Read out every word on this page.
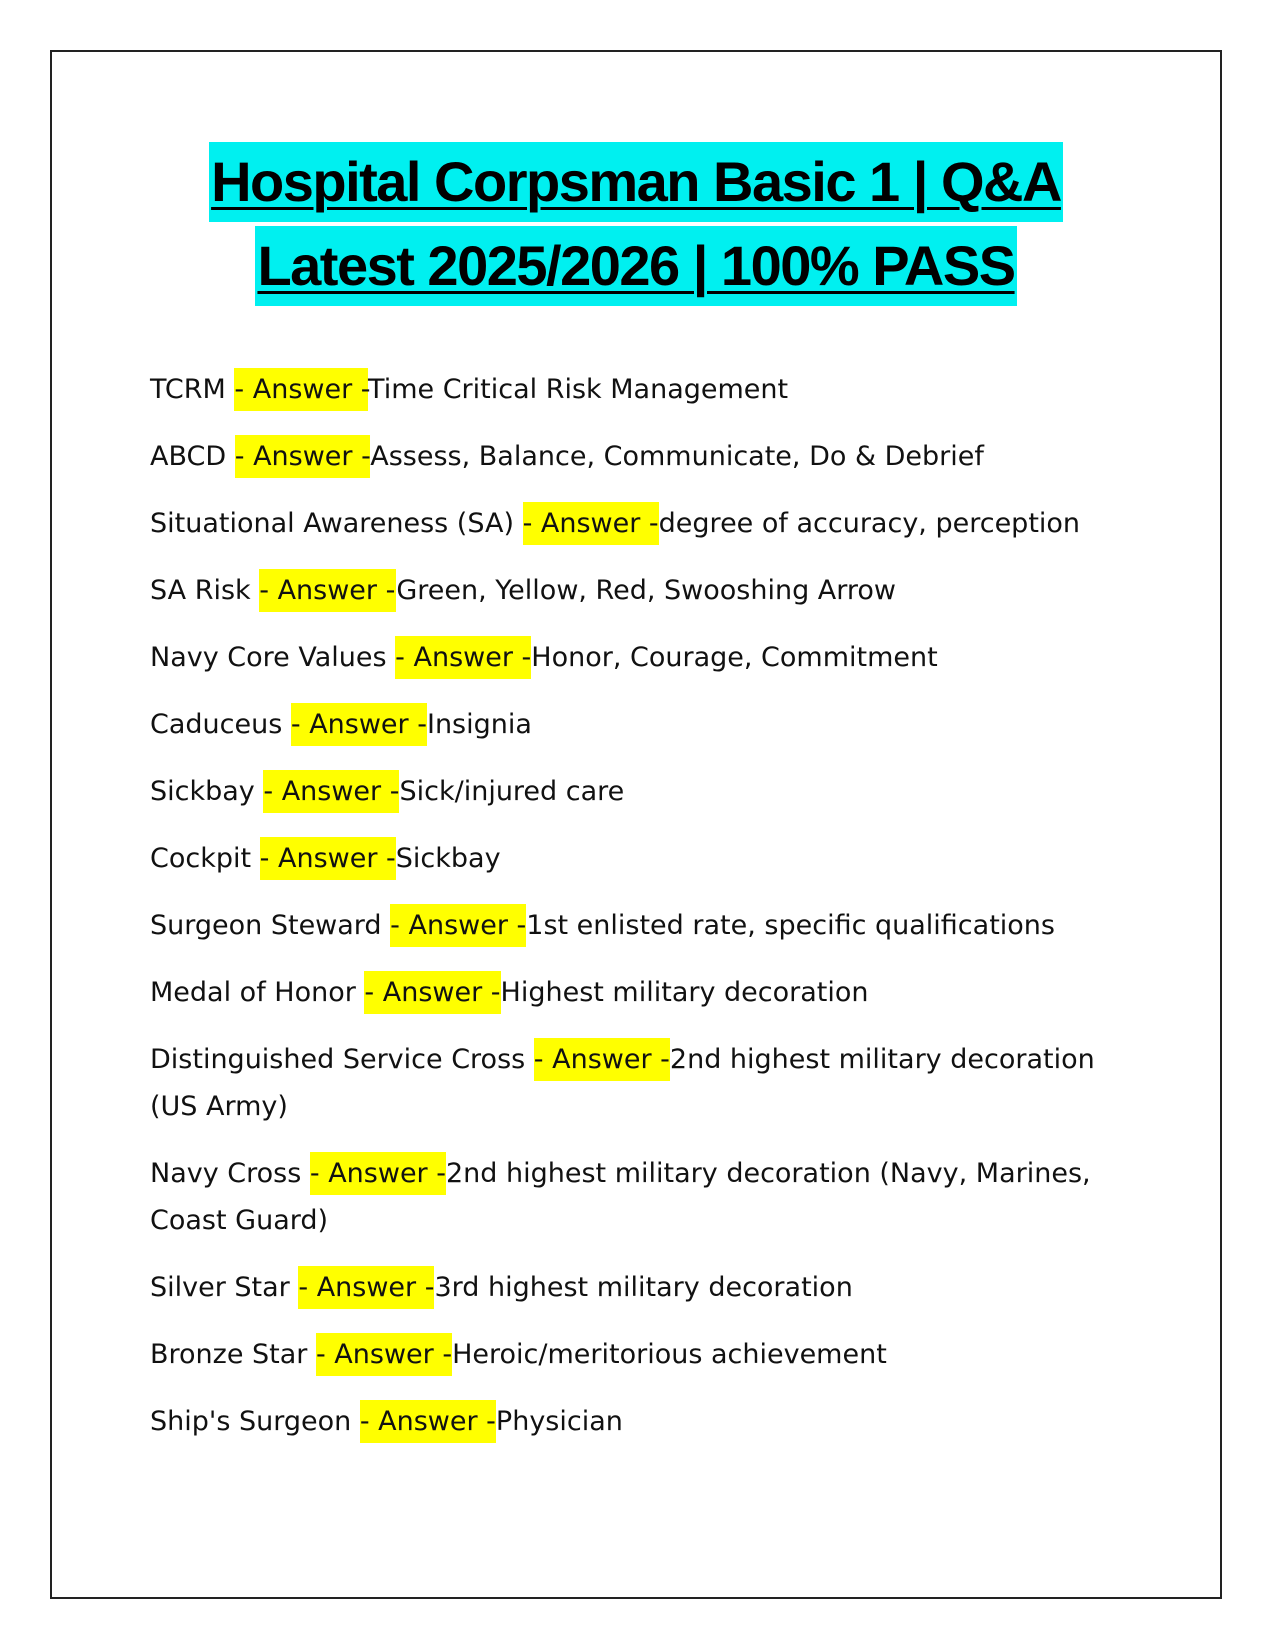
Hospital Corpsman Basic 1 | Q&A
Latest 2025/2026 | 100% PASS
TCRM - Answer -Time Critical Risk Management
ABCD - Answer -Assess, Balance, Communicate, Do & Debrief
Situational Awareness (SA) - Answer -degree of accuracy, perception
SA Risk - Answer -Green, Yellow, Red, Swooshing Arrow
Navy Core Values - Answer -Honor, Courage, Commitment
Caduceus - Answer -Insignia
Sickbay - Answer -Sick/injured care
Cockpit - Answer -Sickbay
Surgeon Steward - Answer -1st enlisted rate, specific qualifications
Medal of Honor - Answer -Highest military decoration
Distinguished Service Cross - Answer -2nd highest military decoration (US Army)
Navy Cross - Answer -2nd highest military decoration (Navy, Marines, Coast Guard)
Silver Star - Answer -3rd highest military decoration
Bronze Star - Answer -Heroic/meritorious achievement
Ship's Surgeon - Answer -Physician
